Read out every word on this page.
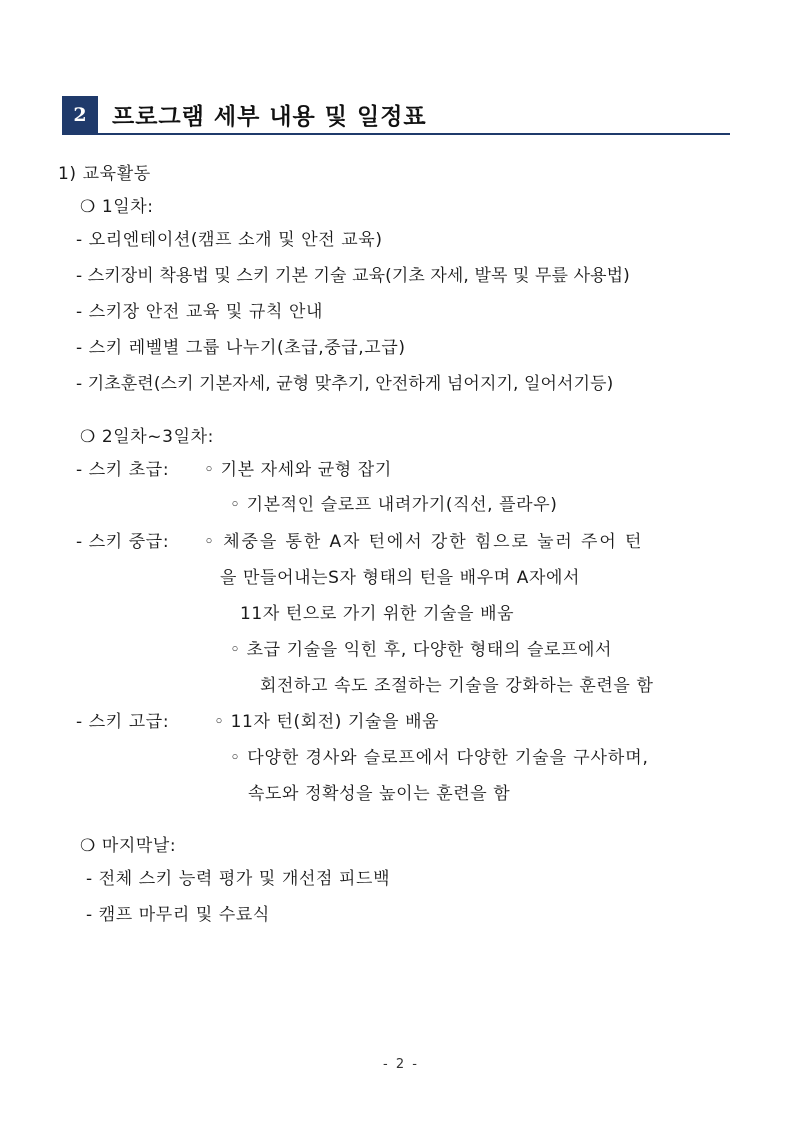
2	프로그램 세부 내용 및 일정표
1) 교육활동
❍ 1일차:
- 오리엔테이션(캠프 소개 및 안전 교육)
- 스키장비 착용법 및 스키 기본 기술 교육(기초 자세, 발목 및 무릎 사용법)
- 스키장 안전 교육 및 규칙 안내
- 스키 레벨별 그룹 나누기(초급,중급,고급)
- 기초훈련(스키 기본자세, 균형 맞추기, 안전하게 넘어지기, 일어서기등)
❍ 2일차~3일차:
- 스키 초급: ◦ 기본 자세와 균형 잡기
◦ 기본적인 슬로프 내려가기(직선, 플라우)
- 스키 중급: ◦ 체중을 통한 A자 턴에서 강한 힘으로 눌러 주어 턴
을 만들어내는S자 형태의 턴을 배우며 A자에서
11자 턴으로 가기 위한 기술을 배움
◦ 초급 기술을 익힌 후, 다양한 형태의 슬로프에서
회전하고 속도 조절하는 기술을 강화하는 훈련을 함
- 스키 고급:	◦ 11자 턴(회전) 기술을 배움
◦ 다양한 경사와 슬로프에서 다양한 기술을 구사하며,
속도와 정확성을 높이는 훈련을 함
❍ 마지막날:
- 전체 스키 능력 평가 및 개선점 피드백
- 캠프 마무리 및 수료식
- 2 -
